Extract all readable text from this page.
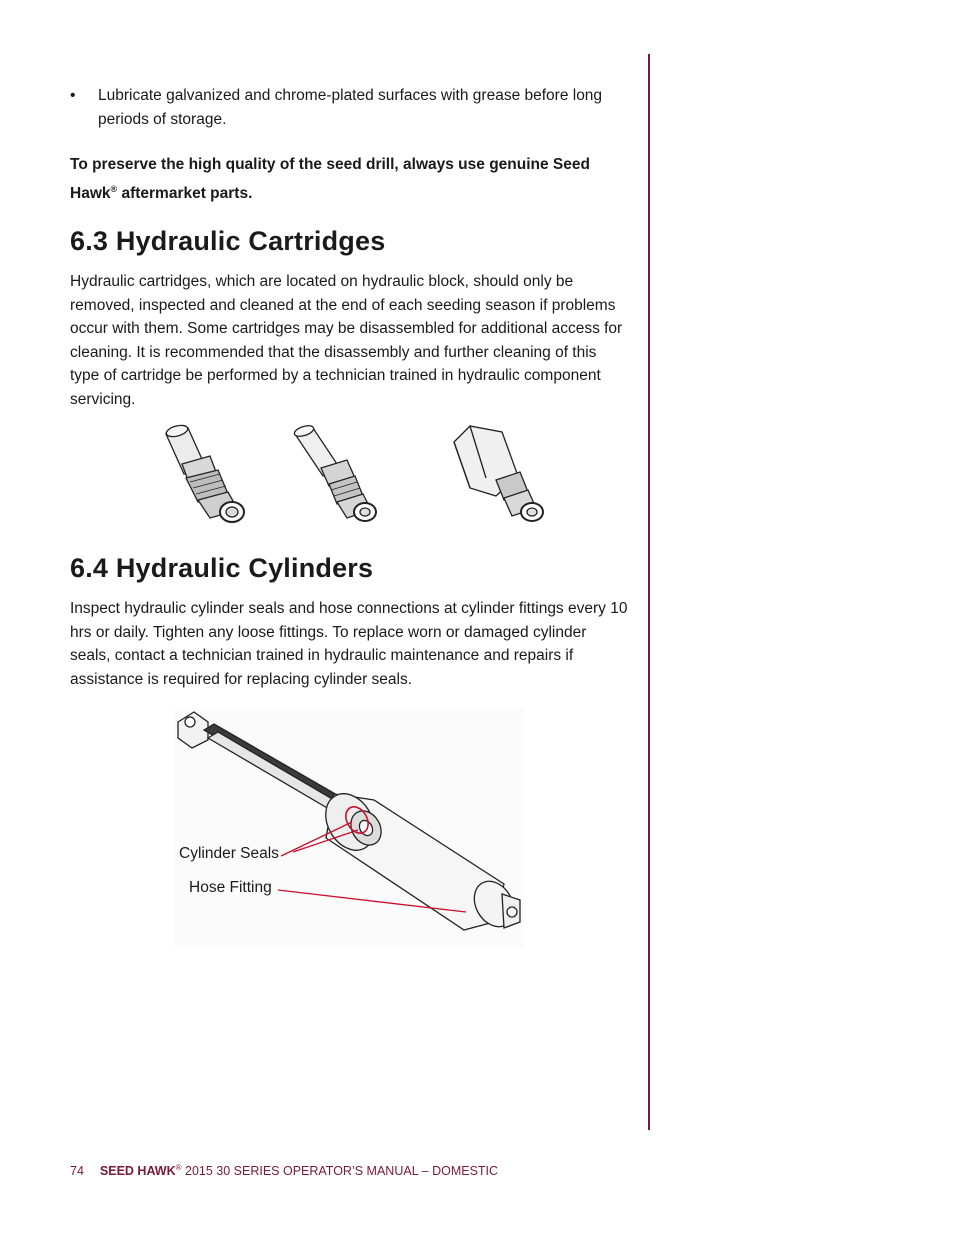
• Lubricate galvanized and chrome-plated surfaces with grease before long periods of storage.
To preserve the high quality of the seed drill, always use genuine Seed Hawk® aftermarket parts.
6.3 Hydraulic Cartridges
Hydraulic cartridges, which are located on hydraulic block, should only be removed, inspected and cleaned at the end of each seeding season if problems occur with them. Some cartridges may be disassembled for additional access for cleaning. It is recommended that the disassembly and further cleaning of this type of cartridge be performed by a technician trained in hydraulic component servicing.
6.4 Hydraulic Cylinders
Inspect hydraulic cylinder seals and hose connections at cylinder fittings every 10 hrs or daily. Tighten any loose fittings. To replace worn or damaged cylinder seals, contact a technician trained in hydraulic maintenance and repairs if assistance is required for replacing cylinder seals.
Cylinder Seals
Hose Fitting
74 SEED HAWK® 2015 30 SERIES OPERATOR’S MANUAL – DOMESTIC
